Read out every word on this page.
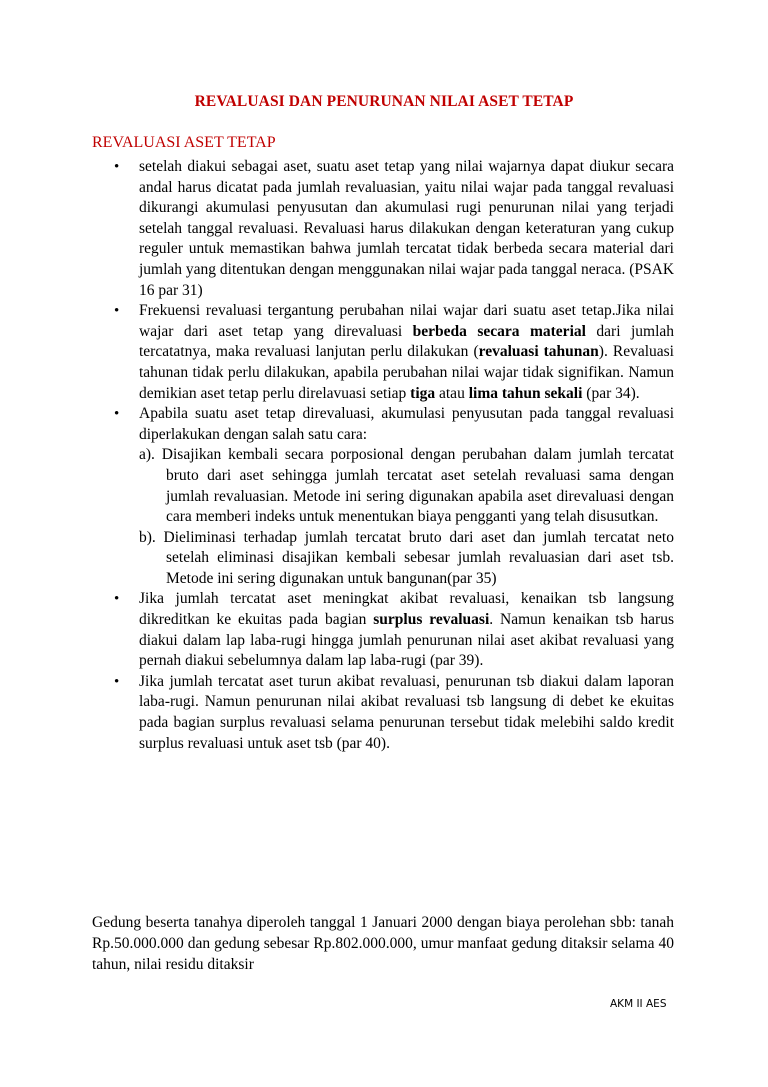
REVALUASI DAN PENURUNAN NILAI ASET TETAP
REVALUASI ASET TETAP
• setelah diakui sebagai aset, suatu aset tetap yang nilai wajarnya dapat diukur secara andal harus dicatat pada jumlah revaluasian, yaitu nilai wajar pada tanggal revaluasi dikurangi akumulasi penyusutan dan akumulasi rugi penurunan nilai yang terjadi setelah tanggal revaluasi. Revaluasi harus dilakukan dengan keteraturan yang cukup reguler untuk memastikan bahwa jumlah tercatat tidak berbeda secara material dari jumlah yang ditentukan dengan menggunakan nilai wajar pada tanggal neraca. (PSAK 16 par 31)
• Frekuensi revaluasi tergantung perubahan nilai wajar dari suatu aset tetap.Jika nilai wajar dari aset tetap yang direvaluasi berbeda secara material dari jumlah tercatatnya, maka revaluasi lanjutan perlu dilakukan (revaluasi tahunan). Revaluasi tahunan tidak perlu dilakukan, apabila perubahan nilai wajar tidak signifikan. Namun demikian aset tetap perlu direlavuasi setiap tiga atau lima tahun sekali (par 34).
• Apabila suatu aset tetap direvaluasi, akumulasi penyusutan pada tanggal revaluasi diperlakukan dengan salah satu cara:
a). Disajikan kembali secara porposional dengan perubahan dalam jumlah tercatat bruto dari aset sehingga jumlah tercatat aset setelah revaluasi sama dengan jumlah revaluasian. Metode ini sering digunakan apabila aset direvaluasi dengan cara memberi indeks untuk menentukan biaya pengganti yang telah disusutkan.
b). Dieliminasi terhadap jumlah tercatat bruto dari aset dan jumlah tercatat neto setelah eliminasi disajikan kembali sebesar jumlah revaluasian dari aset tsb. Metode ini sering digunakan untuk bangunan(par 35)
• Jika jumlah tercatat aset meningkat akibat revaluasi, kenaikan tsb langsung dikreditkan ke ekuitas pada bagian surplus revaluasi. Namun kenaikan tsb harus diakui dalam lap laba-rugi hingga jumlah penurunan nilai aset akibat revaluasi yang pernah diakui sebelumnya dalam lap laba-rugi (par 39).
• Jika jumlah tercatat aset turun akibat revaluasi, penurunan tsb diakui dalam laporan laba-rugi. Namun penurunan nilai akibat revaluasi tsb langsung di debet ke ekuitas pada bagian surplus revaluasi selama penurunan tersebut tidak melebihi saldo kredit surplus revaluasi untuk aset tsb (par 40).

Gedung beserta tanahya diperoleh tanggal 1 Januari 2000 dengan biaya perolehan sbb: tanah Rp.50.000.000 dan gedung sebesar Rp.802.000.000, umur manfaat gedung ditaksir selama 40 tahun, nilai residu ditaksir

AKM II AES
